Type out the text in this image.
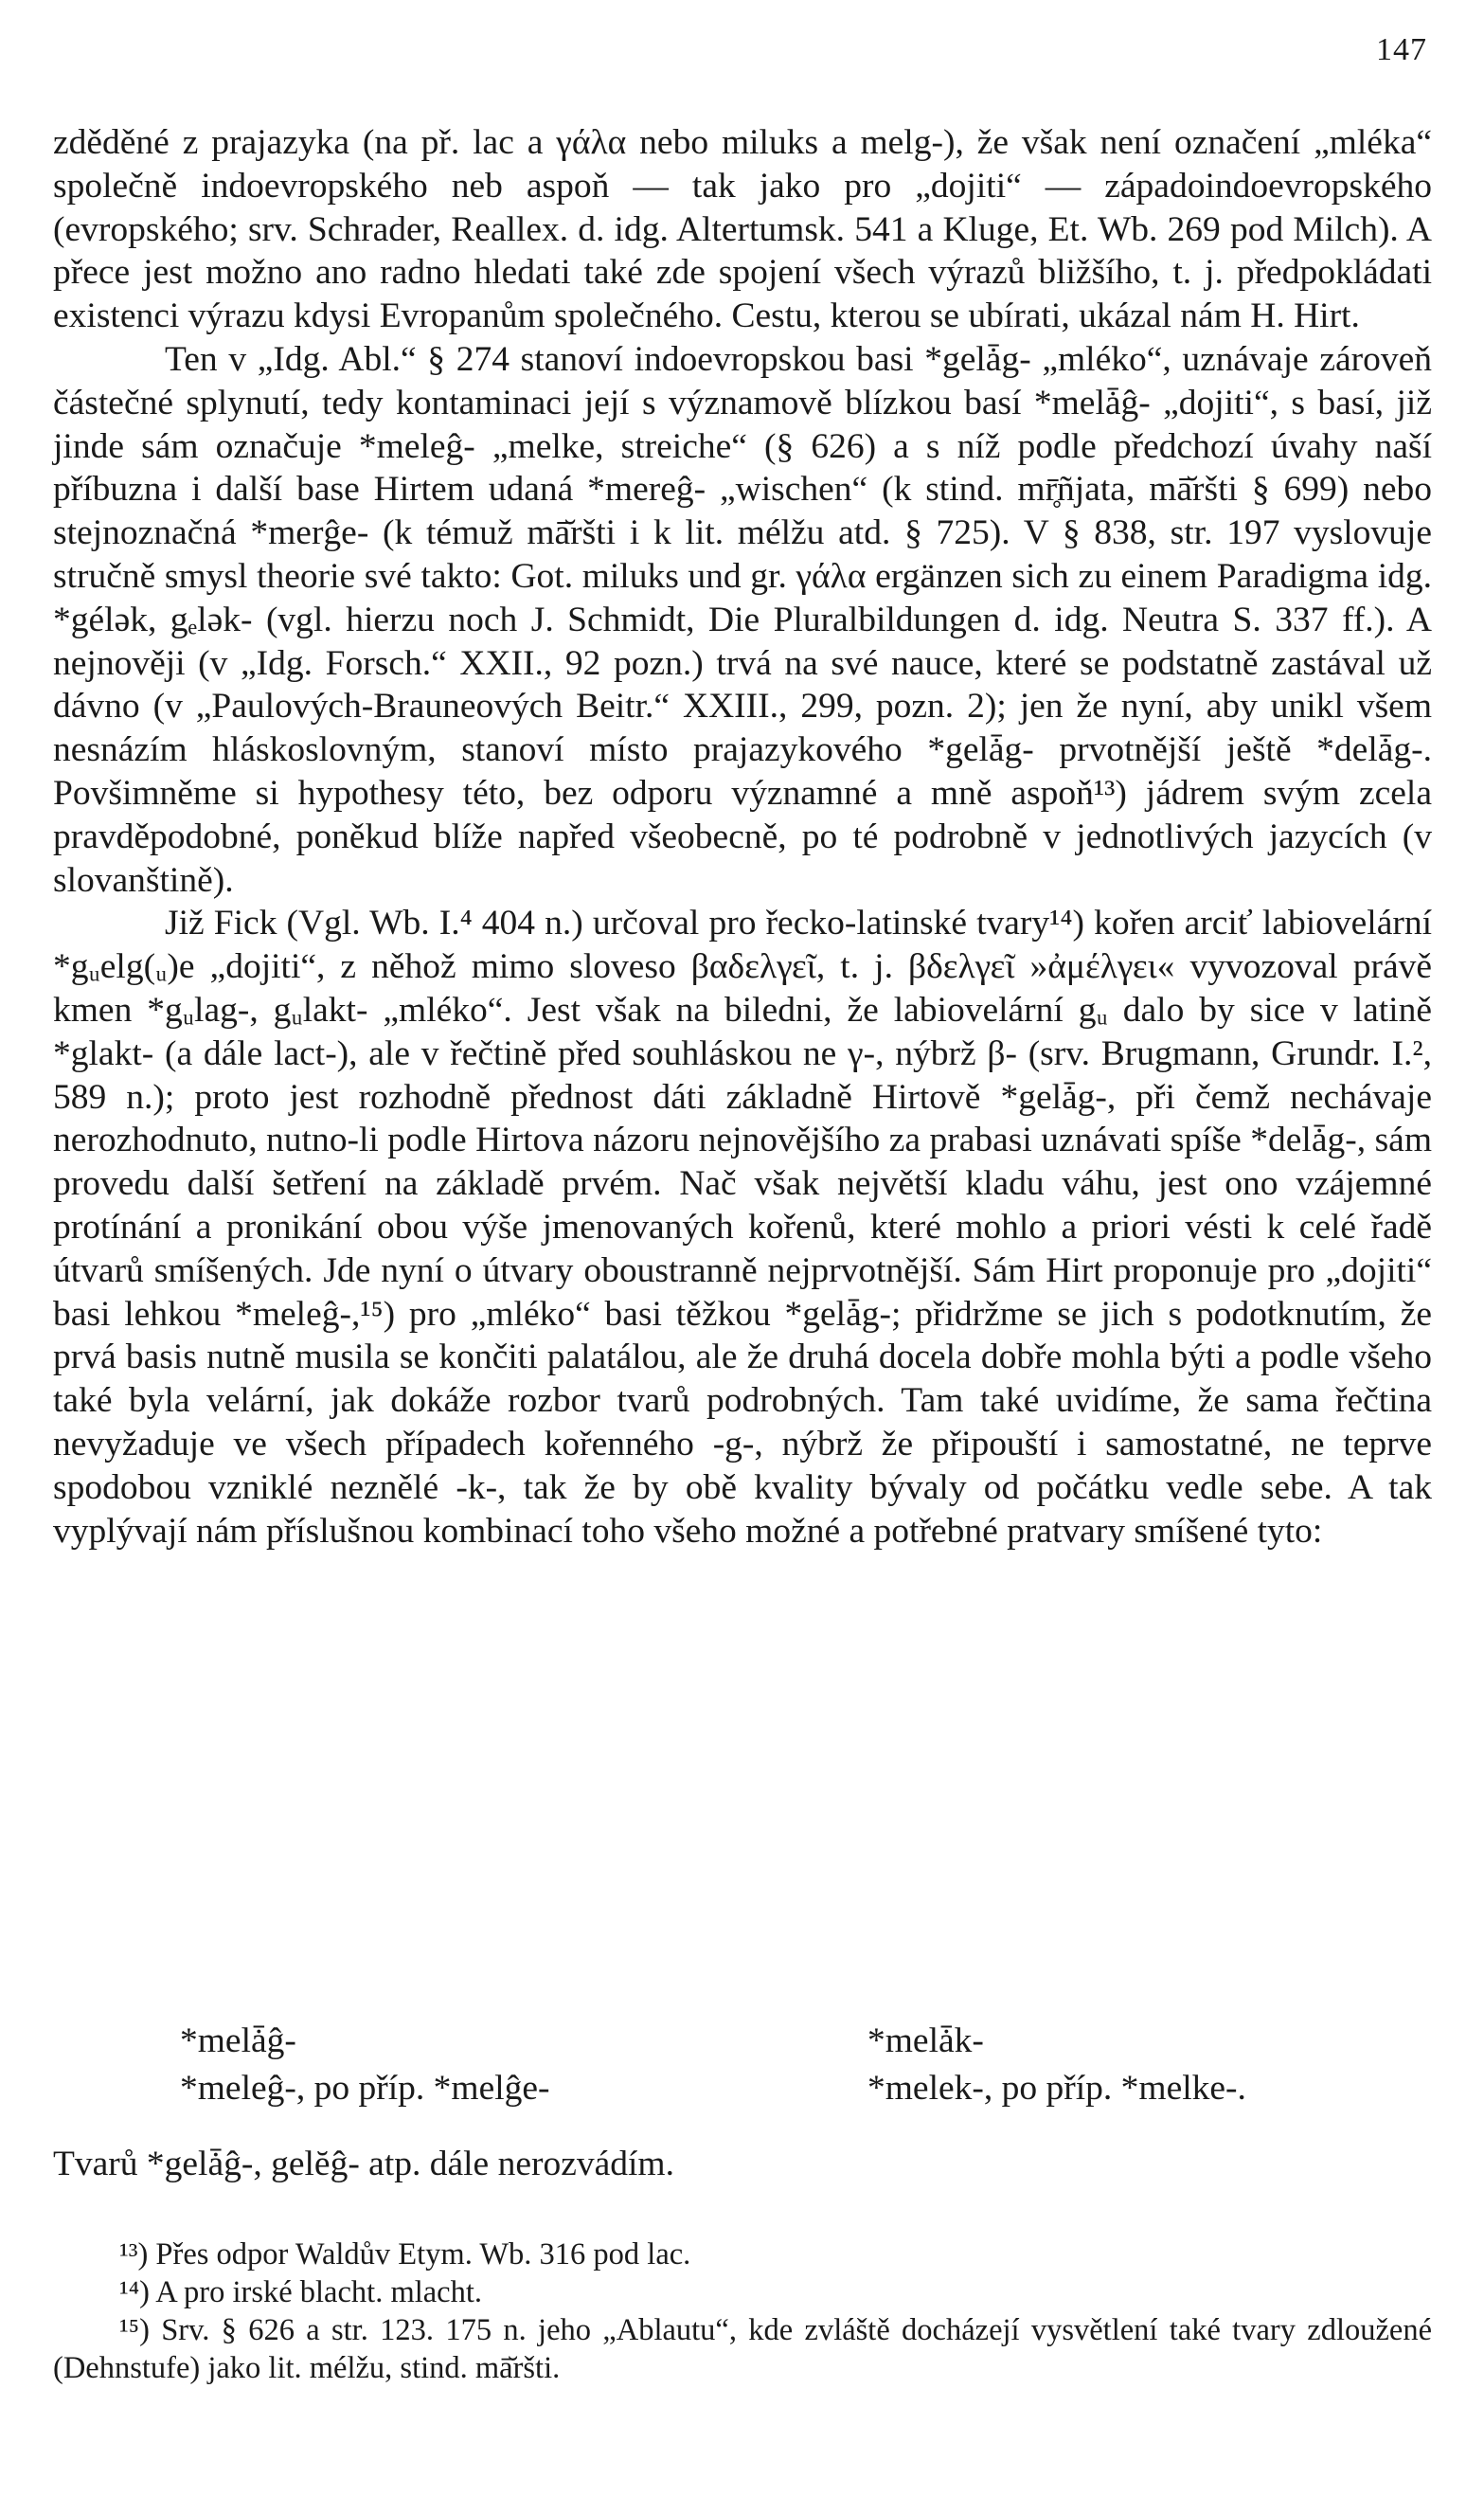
147

zděděné z prajazyka (na př. lac a γάλα nebo miluks a melg-), že však není označení „mléka“ společně indoevropského neb aspoň — tak jako pro „dojiti“ — západoindoevropského (evropského; srv. Schrader, Reallex. d. idg. Altertumsk. 541 a Kluge, Et. Wb. 269 pod Milch). A přece jest možno ano radno hledati také zde spojení všech výrazů bližšího, t. j. předpokládati existenci výrazu kdysi Evropanům společného. Cestu, kterou se ubírati, ukázal nám H. Hirt.

Ten v „Idg. Abl.“ § 274 stanoví indoevropskou basi *gelǡg- „mléko“, uznávaje zároveň částečné splynutí, tedy kontaminaci její s významově blízkou basí *melǡĝ- „dojiti“, s basí, již jinde sám označuje *meleĝ- „melke, streiche“ (§ 626) a s níž podle předchozí úvahy naší příbuzna i další base Hirtem udaná *mereĝ- „wischen“ (k stind. mr̥̄ñjata, mā̆ršti § 699) nebo stejnoznačná *merĝe- (k témuž mā̆ršti i k lit. mélžu atd. § 725). V § 838, str. 197 vyslovuje stručně smysl theorie své takto: Got. miluks und gr. γάλα ergänzen sich zu einem Paradigma idg. *gélək, gₑlək- (vgl. hierzu noch J. Schmidt, Die Pluralbildungen d. idg. Neutra S. 337 ff.). A nejnověji (v „Idg. Forsch.“ XXII., 92 pozn.) trvá na své nauce, které se podstatně zastával už dávno (v „Paulových-Brauneových Beitr.“ XXIII., 299, pozn. 2); jen že nyní, aby unikl všem nesnázím hláskoslovným, stanoví místo prajazykového *gelǡg- prvotnější ještě *delǡg-. Povšimněme si hypothesy této, bez odporu významné a mně aspoň¹³) jádrem svým zcela pravděpodobné, poněkud blíže napřed všeobecně, po té podrobně v jednotlivých jazycích (v slovanštině).

Již Fick (Vgl. Wb. I.⁴ 404 n.) určoval pro řecko-latinské tvary¹⁴) kořen arciť labiovelární *gᵤelg(ᵤ)e „dojiti“, z něhož mimo sloveso βαδελγεῖ, t. j. βδελγεῖ »ἀμέλγει« vyvozoval právě kmen *gᵤlag-, gᵤlakt- „mléko“. Jest však na biledni, že labiovelární gᵤ dalo by sice v latině *glakt- (a dále lact-), ale v řečtině před souhláskou ne γ-, nýbrž β- (srv. Brugmann, Grundr. I.², 589 n.); proto jest rozhodně přednost dáti základně Hirtově *gelǡg-, při čemž nechávaje nerozhodnuto, nutno-li podle Hirtova názoru nejnovějšího za prabasi uznávati spíše *delǡg-, sám provedu další šetření na základě prvém. Nač však největší kladu váhu, jest ono vzájemné protínání a pronikání obou výše jmenovaných kořenů, které mohlo a priori vésti k celé řadě útvarů smíšených. Jde nyní o útvary oboustranně nejprvotnější. Sám Hirt proponuje pro „dojiti“ basi lehkou *meleĝ-,¹⁵) pro „mléko“ basi těžkou *gelǡg-; přidržme se jich s podotknutím, že prvá basis nutně musila se končiti palatálou, ale že druhá docela dobře mohla býti a podle všeho také byla velární, jak dokáže rozbor tvarů podrobných. Tam také uvidíme, že sama řečtina nevyžaduje ve všech případech kořenného -g-, nýbrž že připouští i samostatné, ne teprve spodobou vzniklé neznělé -k-, tak že by obě kvality bývaly od počátku vedle sebe. A tak vyplývají nám příslušnou kombinací toho všeho možné a potřebné pratvary smíšené tyto:

*melǡĝ-	*melǡk-
*meleĝ-, po příp. *melĝe-	*melek-, po příp. *melke-.
Tvarů *gelǡĝ-, gelĕĝ- atp. dále nerozvádím.

¹³) Přes odpor Waldův Etym. Wb. 316 pod lac.

¹⁴) A pro irské blacht. mlacht.

¹⁵) Srv. § 626 a str. 123. 175 n. jeho „Ablautu“, kde zvláště docházejí vysvětlení také tvary zdloužené (Dehnstufe) jako lit. mélžu, stind. mā̆ršti.
